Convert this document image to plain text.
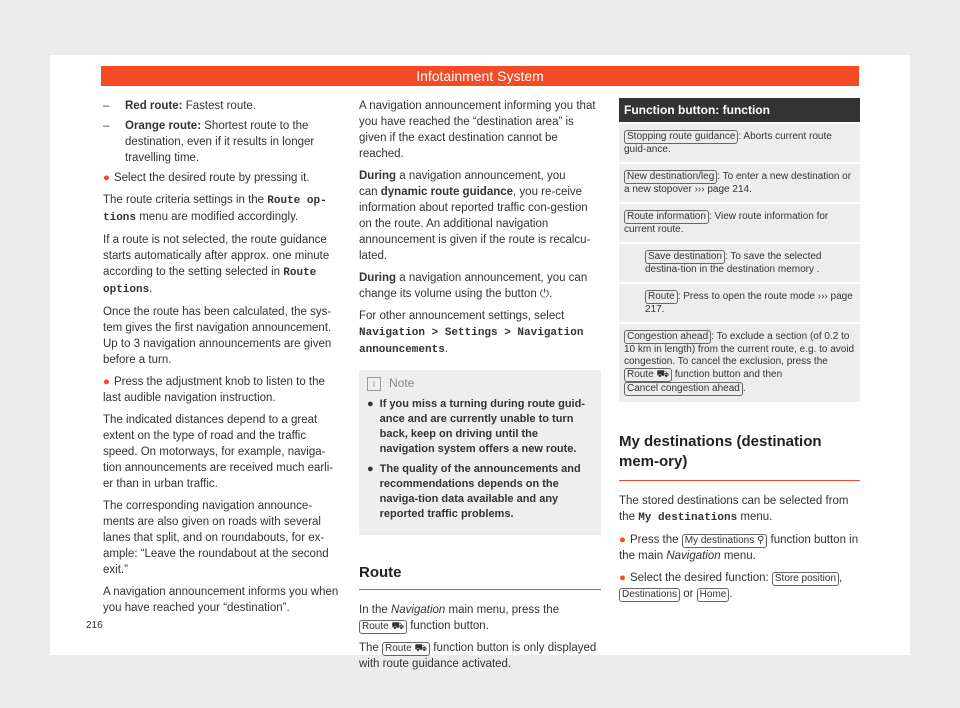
Infotainment System
–	Red route: Fastest route.
–	Orange route: Shortest route to the destination, even if it results in longer travelling time.

● Select the desired route by pressing it.

The route criteria settings in the Route op-tions menu are modified accordingly.

If a route is not selected, the route guidance starts automatically after approx. one minute according to the setting selected in Route options.

Once the route has been calculated, the sys-tem gives the first navigation announcement. Up to 3 navigation announcements are given before a turn.

● Press the adjustment knob to listen to the last audible navigation instruction.

The indicated distances depend to a great extent on the type of road and the traffic speed. On motorways, for example, naviga-tion announcements are received much earli-er than in urban traffic.

The corresponding navigation announce-ments are also given on roads with several lanes that split, and on roundabouts, for ex-ample: “Leave the roundabout at the second exit.”

A navigation announcement informs you when you have reached your “destination”.

A navigation announcement informing you that you have reached the “destination area” is given if the exact destination cannot be reached.

During a navigation announcement, you can dynamic route guidance, you re-ceive information about reported traffic con-gestion on the route. An additional navigation announcement is given if the route is recalcu-lated.

During a navigation announcement, you can change its volume using the button ⏻.

For other announcement settings, select Navigation > Settings > Navigation announcements.

i Note
● If you miss a turning during route guid-ance and are currently unable to turn back, keep on driving until the navigation system offers a new route.
● The quality of the announcements and recommendations depends on the naviga-tion data available and any reported traffic problems.
Route

In the Navigation main menu, press the
Route ⛟ function button.

The Route ⛟ function button is only displayed with route guidance activated.

Function button: function
Stopping route guidance : Aborts current route guid-ance.
New destination/leg : To enter a new destination or a new stopover ››› page 214.
Route information : View route information for current route.
Save destination : To save the selected destina-tion in the destination memory .
Route : Press to open the route mode ››› page 217.
Congestion ahead : To exclude a section (of 0.2 to 10 km in length) from the current route, e.g. to avoid congestion. To cancel the exclusion, press the Route ⛟ function button and then Cancel congestion ahead .
My destinations (destination mem-ory)

The stored destinations can be selected from the My destinations menu.

● Press the My destinations ⚲ function button in the main Navigation menu.

● Select the desired function: Store position , Destinations or Home .

216
